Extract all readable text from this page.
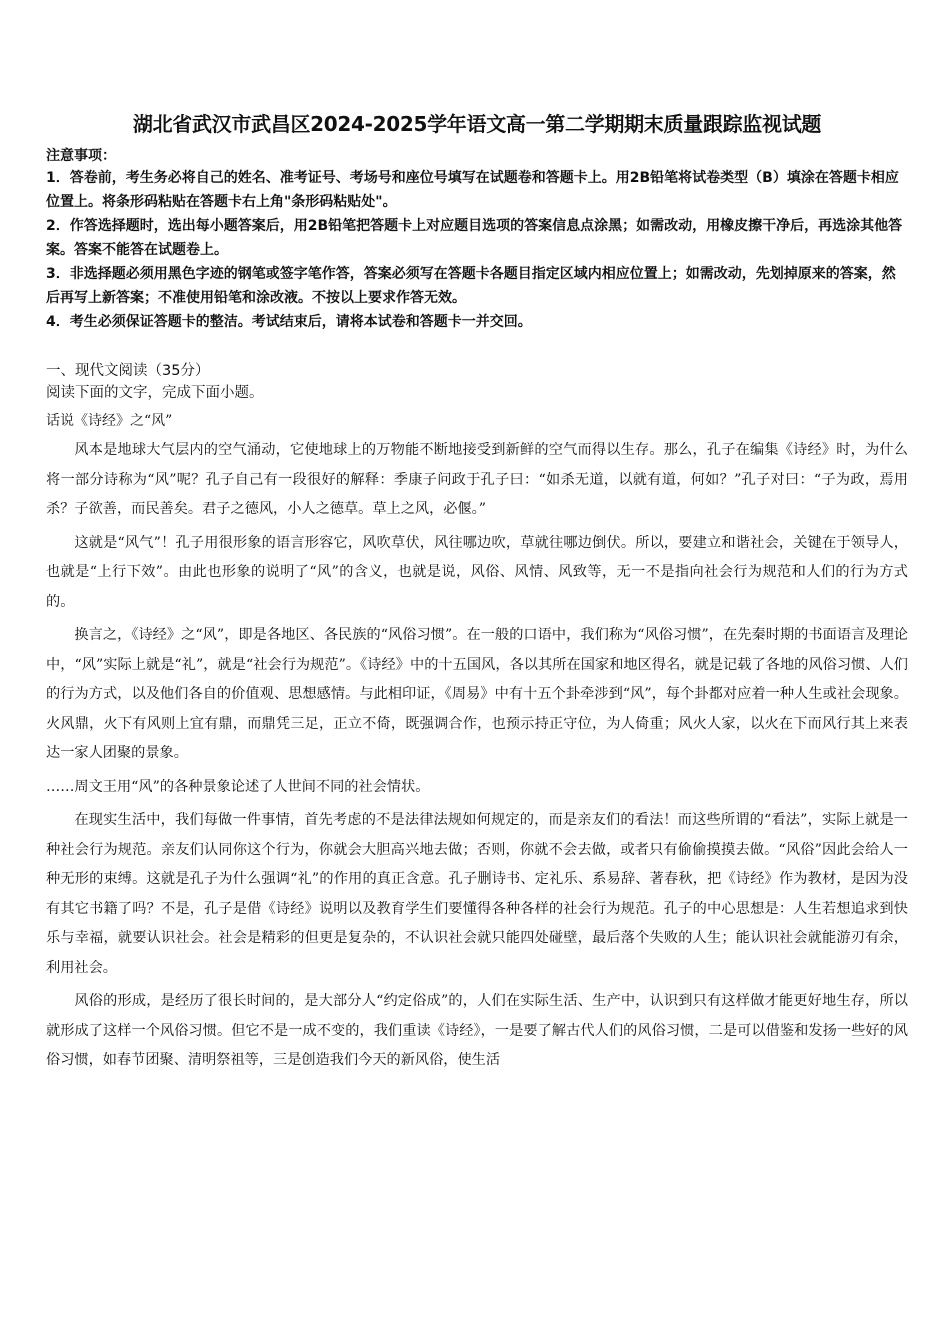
湖北省武汉市武昌区2024-2025学年语文高一第二学期期末质量跟踪监视试题

注意事项：

1．答卷前，考生务必将自己的姓名、准考证号、考场号和座位号填写在试题卷和答题卡上。用2B铅笔将试卷类型（B）填涂在答题卡相应位置上。将条形码粘贴在答题卡右上角"条形码粘贴处"。

2．作答选择题时，选出每小题答案后，用2B铅笔把答题卡上对应题目选项的答案信息点涂黑；如需改动，用橡皮擦干净后，再选涂其他答案。答案不能答在试题卷上。

3．非选择题必须用黑色字迹的钢笔或签字笔作答，答案必须写在答题卡各题目指定区域内相应位置上；如需改动，先划掉原来的答案，然后再写上新答案；不准使用铅笔和涂改液。不按以上要求作答无效。

4．考生必须保证答题卡的整洁。考试结束后，请将本试卷和答题卡一并交回。

一、现代文阅读（35分）

阅读下面的文字，完成下面小题。

话说《诗经》之“风”

风本是地球大气层内的空气涌动，它使地球上的万物能不断地接受到新鲜的空气而得以生存。那么，孔子在编集《诗经》时，为什么将一部分诗称为“风”呢？孔子自己有一段很好的解释：季康子问政于孔子曰：“如杀无道，以就有道，何如？”孔子对曰：“子为政，焉用杀？子欲善，而民善矣。君子之德风，小人之德草。草上之风，必偃。”

这就是“风气”！孔子用很形象的语言形容它，风吹草伏，风往哪边吹，草就往哪边倒伏。所以，要建立和谐社会，关键在于领导人，也就是“上行下效”。由此也形象的说明了“风”的含义，也就是说，风俗、风情、风致等，无一不是指向社会行为规范和人们的行为方式的。

换言之，《诗经》之“风”，即是各地区、各民族的“风俗习惯”。在一般的口语中，我们称为“风俗习惯”，在先秦时期的书面语言及理论中，“风”实际上就是“礼”，就是“社会行为规范”。《诗经》中的十五国风，各以其所在国家和地区得名，就是记载了各地的风俗习惯、人们的行为方式，以及他们各自的价值观、思想感情。与此相印证，《周易》中有十五个卦牵涉到“风”，每个卦都对应着一种人生或社会现象。火风鼎，火下有风则上宜有鼎，而鼎凭三足，正立不倚，既强调合作，也预示持正守位，为人倚重；风火人家，以火在下而风行其上来表达一家人团聚的景象。

……周文王用“风”的各种景象论述了人世间不同的社会情状。

在现实生活中，我们每做一件事情，首先考虑的不是法律法规如何规定的，而是亲友们的看法！而这些所谓的“看法”，实际上就是一种社会行为规范。亲友们认同你这个行为，你就会大胆高兴地去做；否则，你就不会去做，或者只有偷偷摸摸去做。“风俗”因此会给人一种无形的束缚。这就是孔子为什么强调“礼”的作用的真正含意。孔子删诗书、定礼乐、系易辞、著春秋，把《诗经》作为教材，是因为没有其它书籍了吗？不是，孔子是借《诗经》说明以及教育学生们要懂得各种各样的社会行为规范。孔子的中心思想是：人生若想追求到快乐与幸福，就要认识社会。社会是精彩的但更是复杂的，不认识社会就只能四处碰壁，最后落个失败的人生；能认识社会就能游刃有余，利用社会。

风俗的形成，是经历了很长时间的，是大部分人“约定俗成”的，人们在实际生活、生产中，认识到只有这样做才能更好地生存，所以就形成了这样一个风俗习惯。但它不是一成不变的，我们重读《诗经》，一是要了解古代人们的风俗习惯，二是可以借鉴和发扬一些好的风俗习惯，如春节团聚、清明祭祖等，三是创造我们今天的新风俗，使生活
